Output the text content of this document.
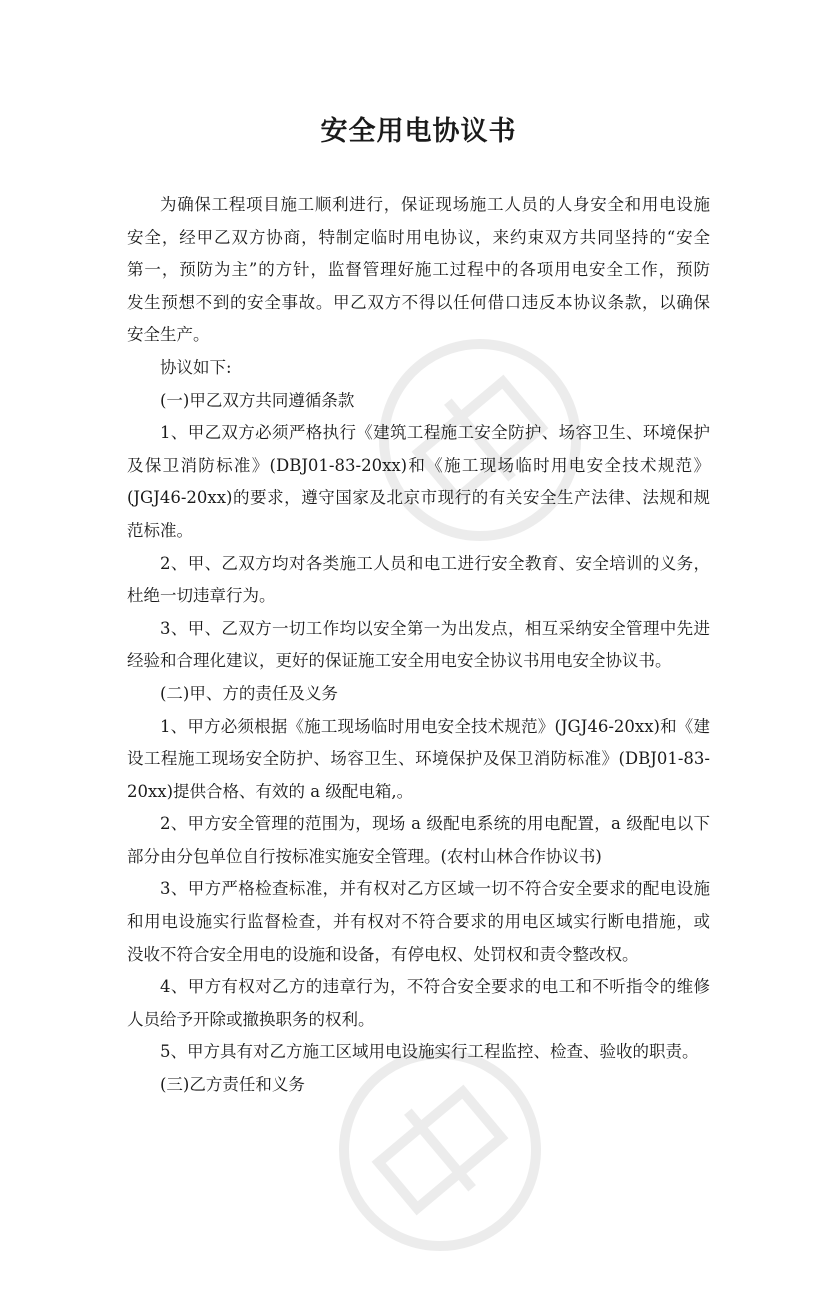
安全用电协议书

为确保工程项目施工顺利进行，保证现场施工人员的人身安全和用电设施
安全，经甲乙双方协商，特制定临时用电协议，来约束双方共同坚持的“安全
第一，预防为主”的方针，监督管理好施工过程中的各项用电安全工作，预防
发生预想不到的安全事故。甲乙双方不得以任何借口违反本协议条款，以确保
安全生产。

协议如下:

(一)甲乙双方共同遵循条款

1、甲乙双方必须严格执行《建筑工程施工安全防护、场容卫生、环境保护
及保卫消防标准》(DBJ01-83-20xx)和《施工现场临时用电安全技术规范》
(JGJ46-20xx)的要求，遵守国家及北京市现行的有关安全生产法律、法规和规
范标准。

2、甲、乙双方均对各类施工人员和电工进行安全教育、安全培训的义务，
杜绝一切违章行为。

3、甲、乙双方一切工作均以安全第一为出发点，相互采纳安全管理中先进
经验和合理化建议，更好的保证施工安全用电安全协议书用电安全协议书。

(二)甲、方的责任及义务

1、甲方必须根据《施工现场临时用电安全技术规范》(JGJ46-20xx)和《建
设工程施工现场安全防护、场容卫生、环境保护及保卫消防标准》(DBJ01-83-
20xx)提供合格、有效的 a 级配电箱,。

2、甲方安全管理的范围为，现场 a 级配电系统的用电配置，a 级配电以下
部分由分包单位自行按标准实施安全管理。(农村山林合作协议书)

3、甲方严格检查标准，并有权对乙方区域一切不符合安全要求的配电设施
和用电设施实行监督检查，并有权对不符合要求的用电区域实行断电措施，或
没收不符合安全用电的设施和设备，有停电权、处罚权和责令整改权。

4、甲方有权对乙方的违章行为，不符合安全要求的电工和不听指令的维修
人员给予开除或撤换职务的权利。

5、甲方具有对乙方施工区域用电设施实行工程监控、检查、验收的职责。

(三)乙方责任和义务
